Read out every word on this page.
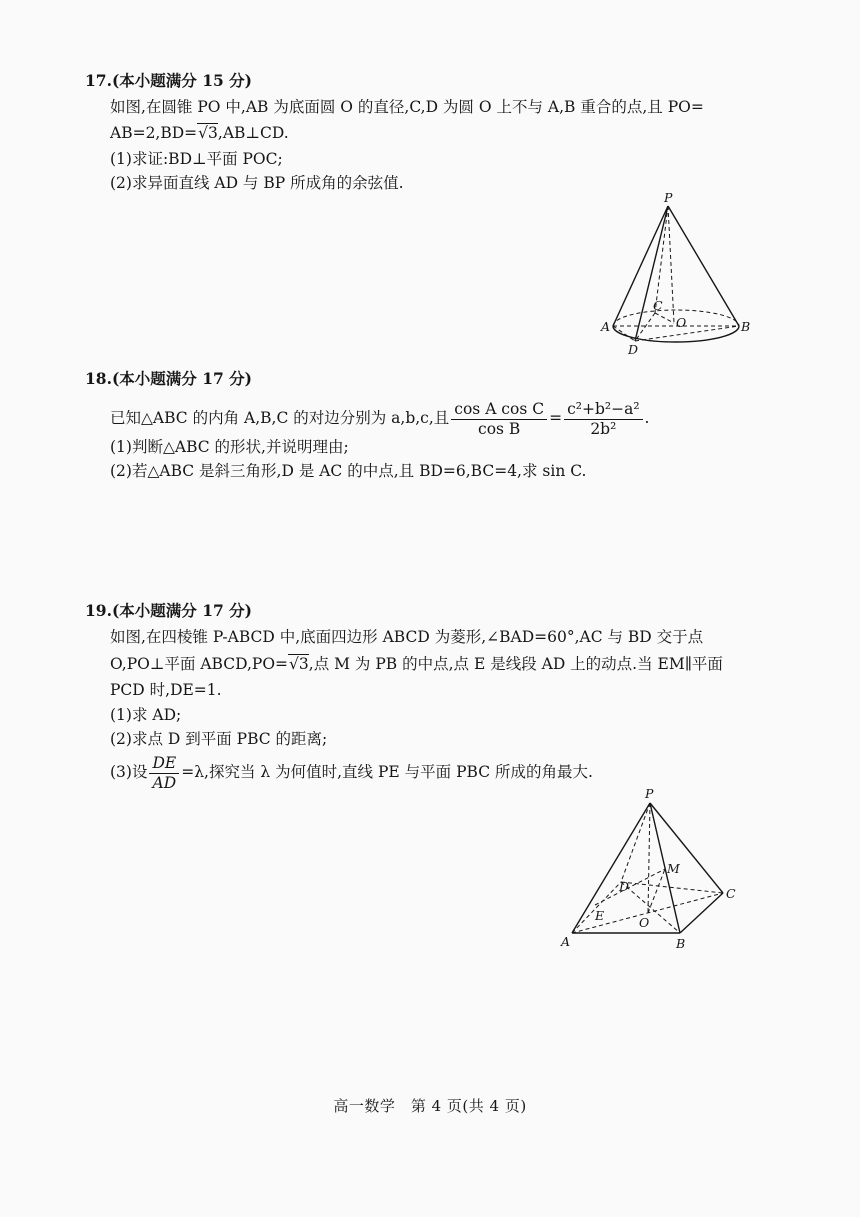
17.(本小题满分 15 分)
如图,在圆锥 PO 中,AB 为底面圆 O 的直径,C,D 为圆 O 上不与 A,B 重合的点,且 PO=
AB=2,BD=√3,AB⊥CD.
(1)求证:BD⊥平面 POC;
(2)求异面直线 AD 与 BP 所成角的余弦值.
P
A	B
C
O
D
18.(本小题满分 17 分)
已知△ABC 的内角 A,B,C 的对边分别为 a,b,c,且 $\frac{\text{cos A cos C}}{\text{cos B}} = \frac{\text{c²+b²−a²}}{\text{2b²}}$ .
(1)判断△ABC 的形状,并说明理由;
(2)若△ABC 是斜三角形,D 是 AC 的中点,且 BD=6,BC=4,求 sin C.
19.(本小题满分 17 分)
如图,在四棱锥 P-ABCD 中,底面四边形 ABCD 为菱形,∠BAD=60°,AC 与 BD 交于点
O,PO⊥平面 ABCD,PO=√3,点 M 为 PB 的中点,点 E 是线段 AD 上的动点.当 EM∥平面
PCD 时,DE=1.
(1)求 AD;
(2)求点 D 到平面 PBC 的距离;
(3)设 $\frac{DE}{AD} =\lambda$,探究当 λ 为何值时,直线 PE 与平面 PBC 所成的角最大.
P
M
D	C
E	O
A	B
高一数学　第 4 页(共 4 页)
